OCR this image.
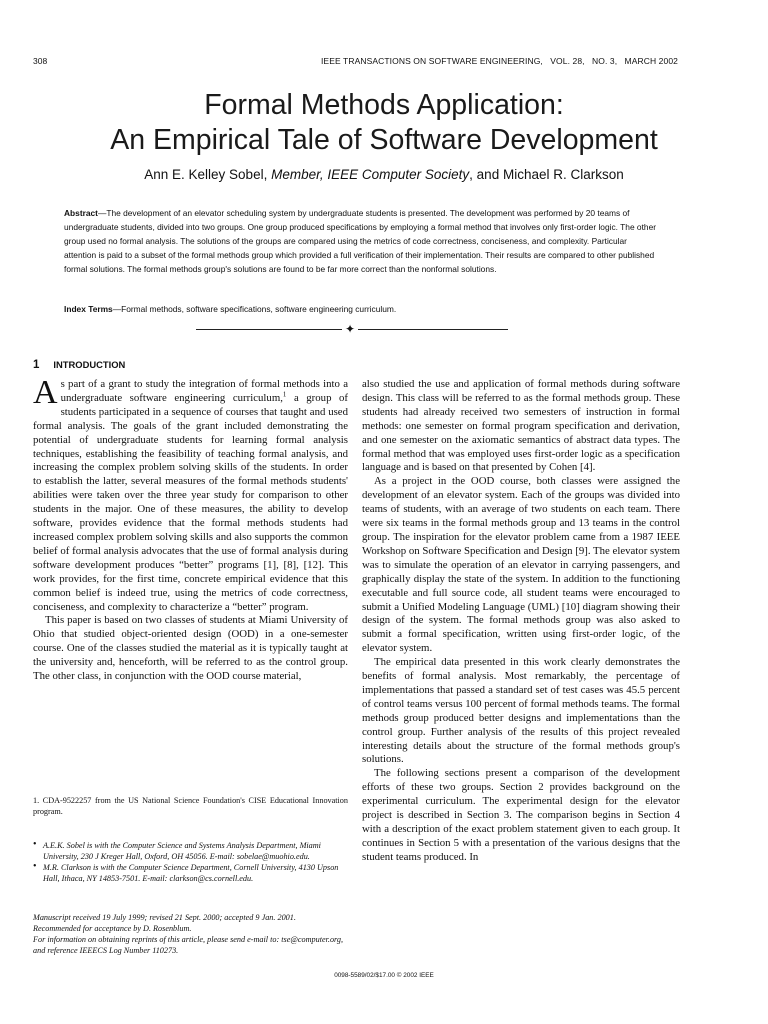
308	IEEE TRANSACTIONS ON SOFTWARE ENGINEERING,   VOL. 28,   NO. 3,   MARCH 2002
Formal Methods Application:
An Empirical Tale of Software Development
Ann E. Kelley Sobel, Member, IEEE Computer Society, and Michael R. Clarkson
Abstract—The development of an elevator scheduling system by undergraduate students is presented. The development was performed by 20 teams of undergraduate students, divided into two groups. One group produced specifications by employing a formal method that involves only first-order logic. The other group used no formal analysis. The solutions of the groups are compared using the metrics of code correctness, conciseness, and complexity. Particular attention is paid to a subset of the formal methods group which provided a full verification of their implementation. Their results are compared to other published formal solutions. The formal methods group's solutions are found to be far more correct than the nonformal solutions.
Index Terms—Formal methods, software specifications, software engineering curriculum.
✦
1 INTRODUCTION

As part of a grant to study the integration of formal methods into a undergraduate software engineering curriculum,$^1$ a group of students participated in a sequence of courses that taught and used formal analysis. The goals of the grant included demonstrating the potential of undergraduate students for learning formal analysis techniques, establishing the feasibility of teaching formal analysis, and increasing the complex problem solving skills of the students. In order to establish the latter, several measures of the formal methods students' abilities were taken over the three year study for comparison to other students in the major. One of these measures, the ability to develop software, provides evidence that the formal methods students had increased complex problem solving skills and also supports the common belief of formal analysis advocates that the use of formal analysis during software development produces “better” programs [1], [8], [12]. This work provides, for the first time, concrete empirical evidence that this common belief is indeed true, using the metrics of code correctness, conciseness, and complexity to characterize a “better” program.

This paper is based on two classes of students at Miami University of Ohio that studied object-oriented design (OOD) in a one-semester course. One of the classes studied the material as it is typically taught at the university and, henceforth, will be referred to as the control group. The other class, in conjunction with the OOD course material,

1. CDA-9522257 from the US National Science Foundation's CISE Educational Innovation program.

• A.E.K. Sobel is with the Computer Science and Systems Analysis Department, Miami University, 230 J Kreger Hall, Oxford, OH 45056. E-mail: sobelae@muohio.edu.

• M.R. Clarkson is with the Computer Science Department, Cornell University, 4130 Upson Hall, Ithaca, NY 14853-7501. E-mail: clarkson@cs.cornell.edu.

Manuscript received 19 July 1999; revised 21 Sept. 2000; accepted 9 Jan. 2001.
Recommended for acceptance by D. Rosenblum.
For information on obtaining reprints of this article, please send e-mail to: tse@computer.org, and reference IEEECS Log Number 110273.

also studied the use and application of formal methods during software design. This class will be referred to as the formal methods group. These students had already received two semesters of instruction in formal methods: one semester on formal program specification and derivation, and one semester on the axiomatic semantics of abstract data types. The formal method that was employed uses first-order logic as a specification language and is based on that presented by Cohen [4].

As a project in the OOD course, both classes were assigned the development of an elevator system. Each of the groups was divided into teams of students, with an average of two students on each team. There were six teams in the formal methods group and 13 teams in the control group. The inspiration for the elevator problem came from a 1987 IEEE Workshop on Software Specification and Design [9]. The elevator system was to simulate the operation of an elevator in carrying passengers, and graphically display the state of the system. In addition to the functioning executable and full source code, all student teams were encouraged to submit a Unified Modeling Language (UML) [10] diagram showing their design of the system. The formal methods group was also asked to submit a formal specification, written using first-order logic, of the elevator system.

The empirical data presented in this work clearly demonstrates the benefits of formal analysis. Most remarkably, the percentage of implementations that passed a standard set of test cases was 45.5 percent of control teams versus 100 percent of formal methods teams. The formal methods group produced better designs and implementations than the control group. Further analysis of the results of this project revealed interesting details about the structure of the formal methods group's solutions.

The following sections present a comparison of the development efforts of these two groups. Section 2 provides background on the experimental curriculum. The experimental design for the elevator project is described in Section 3. The comparison begins in Section 4 with a description of the exact problem statement given to each group. It continues in Section 5 with a presentation of the various designs that the student teams produced. In

0098-5589/02/$17.00 © 2002 IEEE
